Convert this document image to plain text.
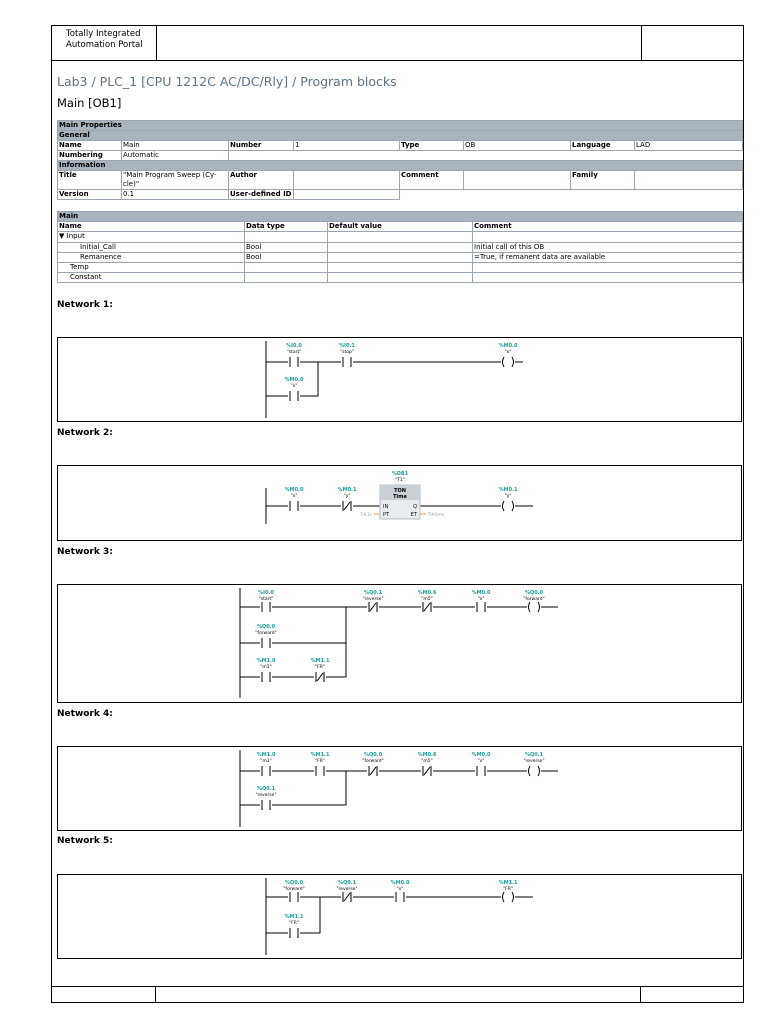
Totally Integrated
Automation Portal
Lab3 / PLC_1 [CPU 1212C AC/DC/Rly] / Program blocks
Main [OB1]
Main Properties							
General							
Name	Main	Number	1	Type	OB	Language	LAD
Numbering	Automatic						
Information							
Title	"Main Program Sweep (Cy-cle)"	Author		Comment		Family	
Version	0.1	User-defined ID					
Main			
Name	Data type	Default value	Comment
▼ Input			
Initial_Call	Bool		Initial call of this OB
Remanence	Bool		=True, if remanent data are available
Temp			
Constant			
Network 1:
%I0.0
"start"
%I0.1
"stop"
%M0.0
"x"
%M0.0
"x"
Network 2:
%M0.0
"x"
%M0.1
"y"
%DB1
"T1"
TON
Time
IN	Q
PT	ET
T#1s	T#0ms
%M0.1
"y"
Network 3:
%I0.0
"start"
%Q0.0
"forward"
%M1.0
"m1"
%M1.1
"FR"
%Q0.1
"reverse"
%M0.6
"m5"
%M0.0
"x"
%Q0.0
"forward"
Network 4:
%M1.0
"m1"
%M1.1
"FR"
%Q0.0
"forward"
%M0.6
"m5"
%M0.0
"x"
%Q0.1
"reverse"
%Q0.1
"reverse"
Network 5:
%Q0.0
"forward"
%Q0.1
"reverse"
%M0.0
"x"
%M1.1
"FR"
%M1.1
"FR"
